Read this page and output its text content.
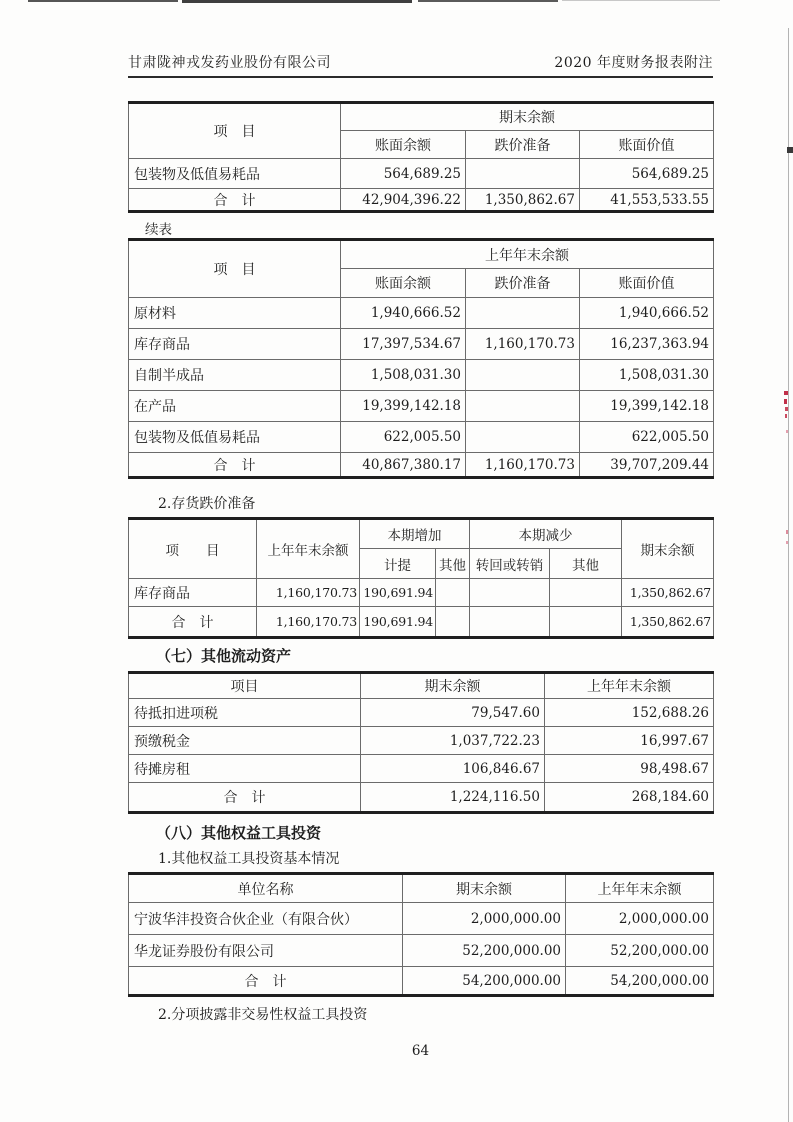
甘肃陇神戎发药业股份有限公司	2020 年度财务报表附注
项　目	期末余额		
	账面余额	跌价准备	账面价值
包装物及低值易耗品	564,689.25		564,689.25
合　计	42,904,396.22	1,350,862.67	41,553,533.55
续表
项　目	上年年末余额		
	账面余额	跌价准备	账面价值
原材料	1,940,666.52		1,940,666.52
库存商品	17,397,534.67	1,160,170.73	16,237,363.94
自制半成品	1,508,031.30		1,508,031.30
在产品	19,399,142.18		19,399,142.18
包装物及低值易耗品	622,005.50		622,005.50
合　计	40,867,380.17	1,160,170.73	39,707,209.44
2.存货跌价准备
项　　目	上年年末余额	本期增加		本期减少		期末余额
		计提	其他	转回或转销	其他	
库存商品	1,160,170.73	190,691.94				1,350,862.67
合　计	1,160,170.73	190,691.94				1,350,862.67
（七）其他流动资产
项目	期末余额	上年年末余额
待抵扣进项税	79,547.60	152,688.26
预缴税金	1,037,722.23	16,997.67
待摊房租	106,846.67	98,498.67
合　计	1,224,116.50	268,184.60
（八）其他权益工具投资
1.其他权益工具投资基本情况
单位名称	期末余额	上年年末余额
宁波华沣投资合伙企业（有限合伙）	2,000,000.00	2,000,000.00
华龙证券股份有限公司	52,200,000.00	52,200,000.00
合　计	54,200,000.00	54,200,000.00
2.分项披露非交易性权益工具投资
64
